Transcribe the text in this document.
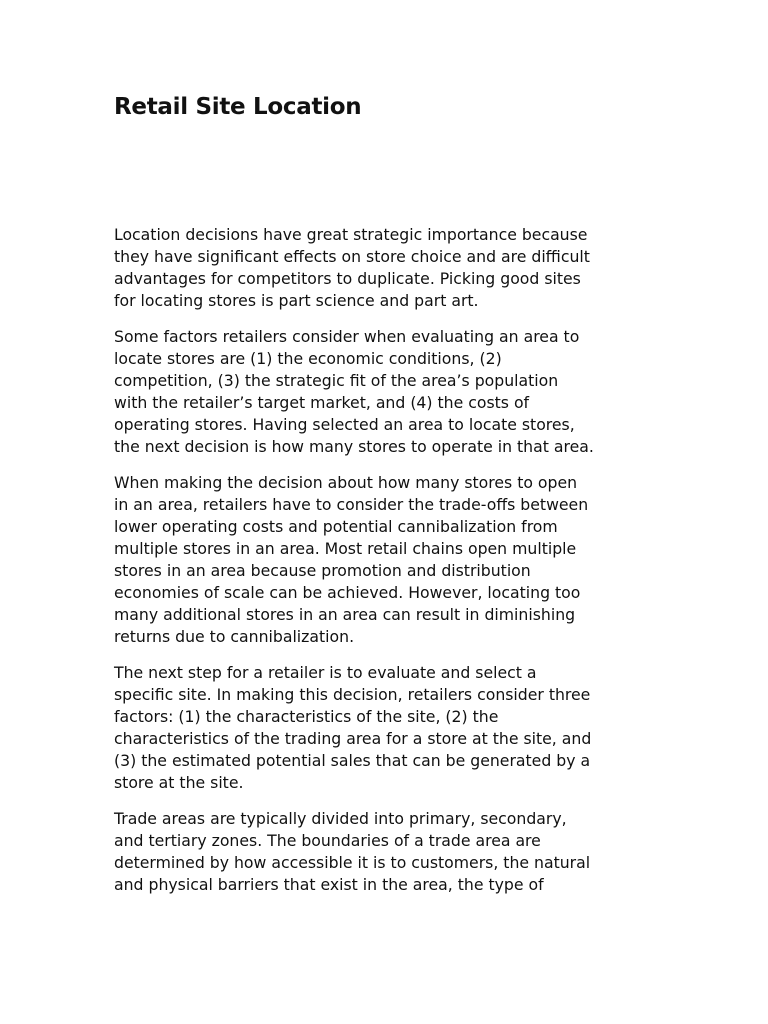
Retail Site Location

Location decisions have great strategic importance because
they have significant effects on store choice and are difficult
advantages for competitors to duplicate. Picking good sites
for locating stores is part science and part art.

Some factors retailers consider when evaluating an area to
locate stores are (1) the economic conditions, (2)
competition, (3) the strategic fit of the area’s population
with the retailer’s target market, and (4) the costs of
operating stores. Having selected an area to locate stores,
the next decision is how many stores to operate in that area.

When making the decision about how many stores to open
in an area, retailers have to consider the trade-offs between
lower operating costs and potential cannibalization from
multiple stores in an area. Most retail chains open multiple
stores in an area because promotion and distribution
economies of scale can be achieved. However, locating too
many additional stores in an area can result in diminishing
returns due to cannibalization.

The next step for a retailer is to evaluate and select a
specific site. In making this decision, retailers consider three
factors: (1) the characteristics of the site, (2) the
characteristics of the trading area for a store at the site, and
(3) the estimated potential sales that can be generated by a
store at the site.

Trade areas are typically divided into primary, secondary,
and tertiary zones. The boundaries of a trade area are
determined by how accessible it is to customers, the natural
and physical barriers that exist in the area, the type of
